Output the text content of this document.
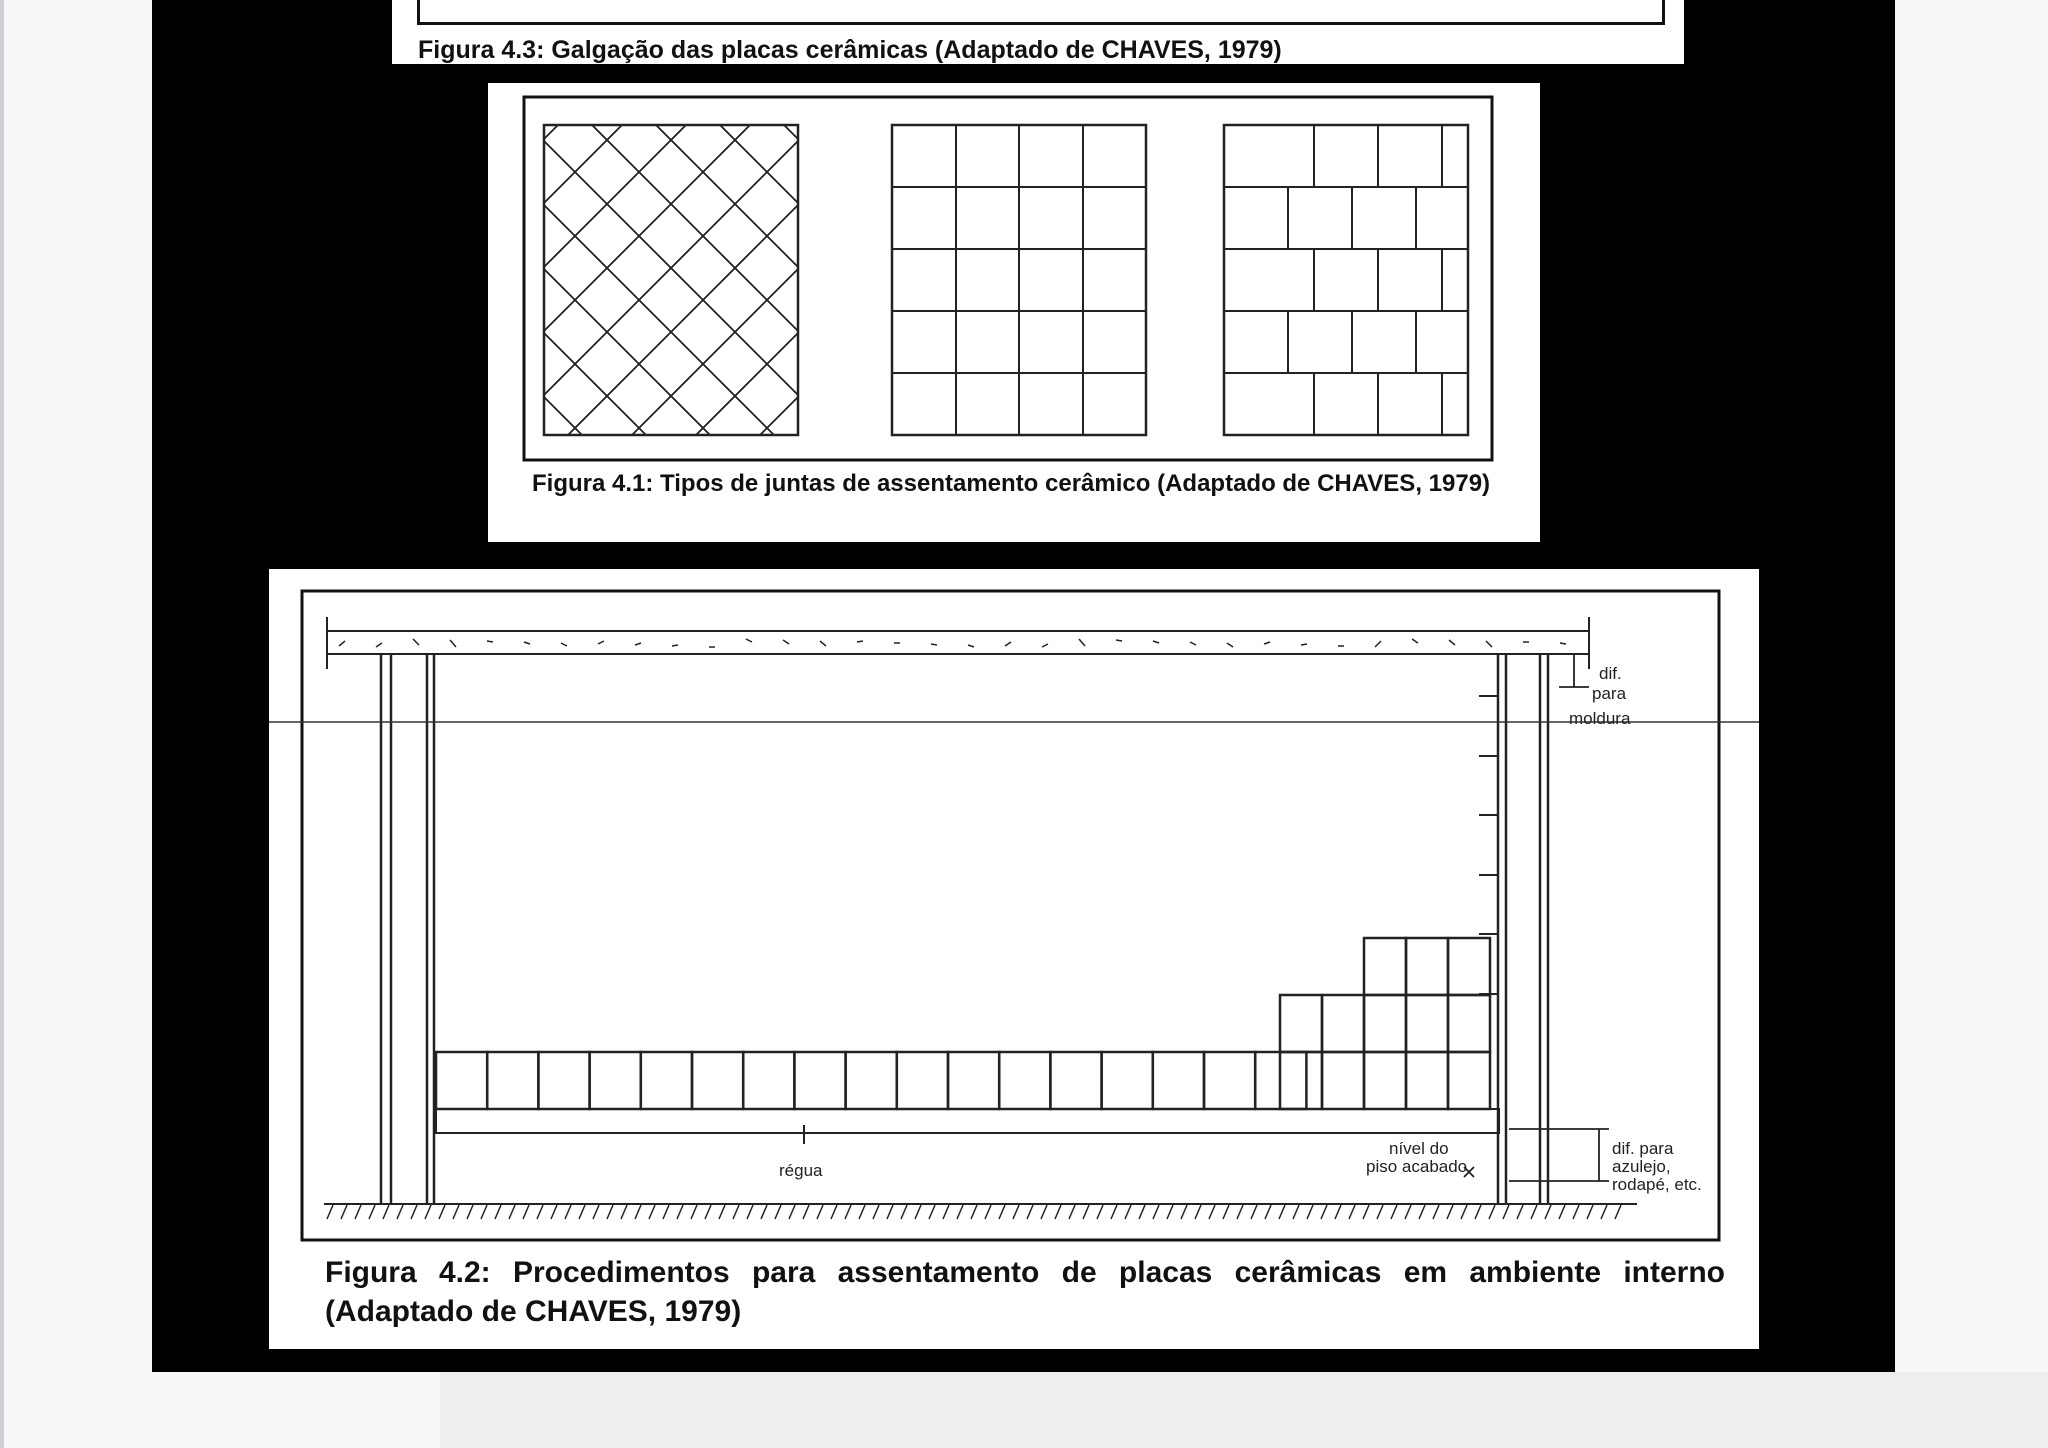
Figura 4.3: Galgação das placas cerâmicas (Adaptado de CHAVES, 1979)
Figura 4.1: Tipos de juntas de assentamento cerâmico (Adaptado de CHAVES, 1979)
dif.
para
moldura
dif. para
azulejo,
rodapé, etc.
régua
nível do
piso acabado
Figura 4.2: Procedimentos para assentamento de placas cerâmicas em ambiente interno (Adaptado de CHAVES, 1979)
